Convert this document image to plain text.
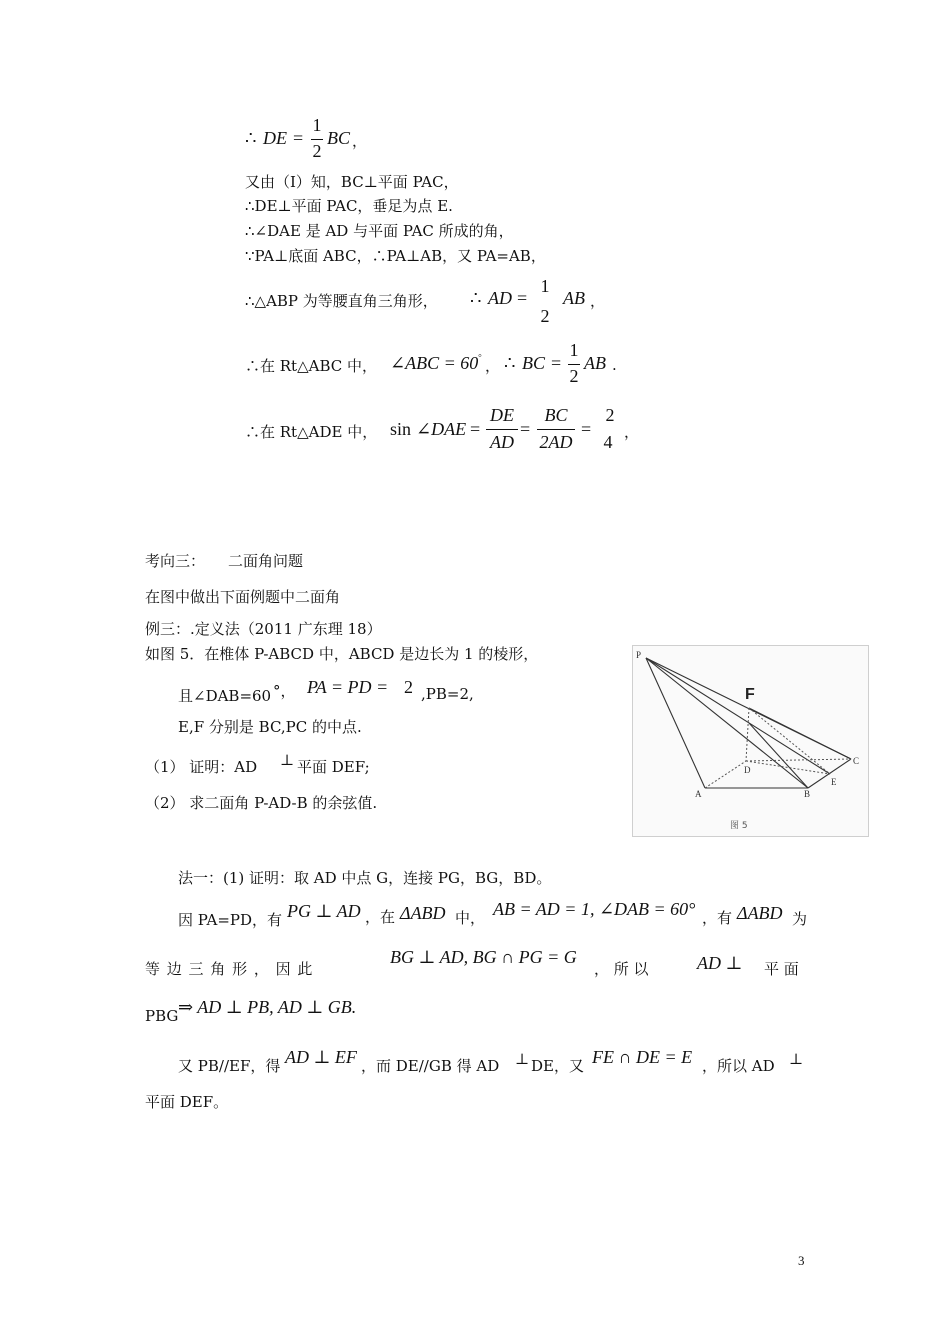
∴ DE =
1
2
BC ，
又由（Ⅰ）知，BC⊥平面 PAC，
∴DE⊥平面 PAC，垂足为点 E.
∴∠DAE 是 AD 与平面 PAC 所成的角，
∵PA⊥底面 ABC，∴PA⊥AB，又 PA=AB，
∴△ABP 为等腰直角三角形， ∴ AD =
1
2
AB ，
∴在 Rt△ABC 中， ∠ABC = 60 ◦
， ∴ BC =
1
2
AB .
∴在 Rt△ADE 中， sin ∠DAE =
DE
AD
=
BC
2AD
=
2
4 ，
考向三： 二面角问题
在图中做出下面例题中二面角
例三：.定义法（2011 广东理 18）
如图 5．在椎体 P-ABCD 中，ABCD 是边长为 1 的棱形，
且∠DAB=60 °， PA = PD = 2 ,PB=2,
E,F 分别是 BC,PC 的中点.
（1） 证明：AD ⊥ 平面 DEF;
（2） 求二面角 P-AD-B 的余弦值.
P
F
C
D
E
A	B
图 5
法一：(1) 证明：取 AD 中点 G，连接 PG，BG，BD。
因 PA=PD，有 PG ⊥ AD ，在 ΔABD 中， AB = AD = 1, ∠DAB = 60° ，有 ΔABD 为
等 边 三 角 形 ， 因 此
BG ⊥ AD, BG ∩ PG = G
， 所 以	AD ⊥ 平 面
PBG ⇒ AD ⊥ PB, AD ⊥ GB.
又 PB//EF，得 AD ⊥ EF ，而 DE//GB 得 AD ⊥ DE，又 FE ∩ DE = E ，所以 AD ⊥
平面 DEF。
3
